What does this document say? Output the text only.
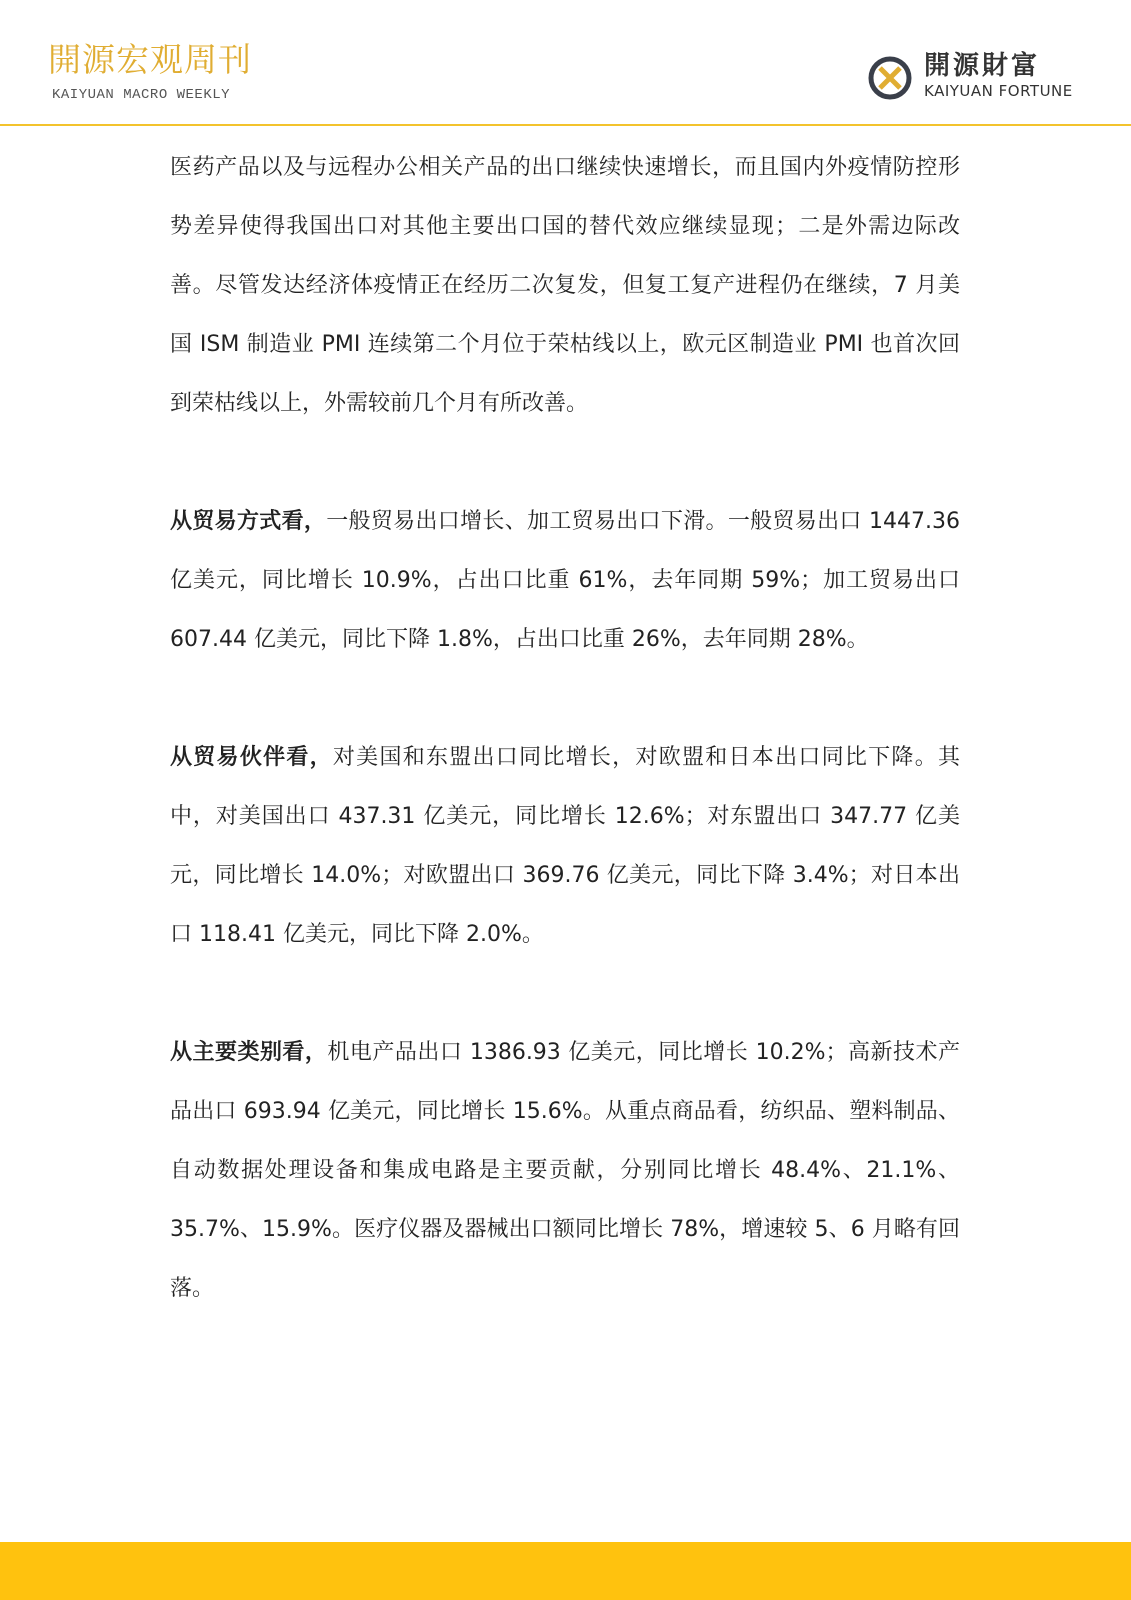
開源宏观周刊
KAIYUAN MACRO WEEKLY
開源財富
KAIYUAN FORTUNE

医药产品以及与远程办公相关产品的出口继续快速增长，而且国内外疫情防控形势差异使得我国出口对其他主要出口国的替代效应继续显现；二是外需边际改善。尽管发达经济体疫情正在经历二次复发，但复工复产进程仍在继续，7 月美国 ISM 制造业 PMI 连续第二个月位于荣枯线以上，欧元区制造业 PMI 也首次回到荣枯线以上，外需较前几个月有所改善。

从贸易方式看，一般贸易出口增长、加工贸易出口下滑。一般贸易出口 1447.36 亿美元，同比增长 10.9%，占出口比重 61%，去年同期 59%；加工贸易出口 607.44 亿美元，同比下降 1.8%，占出口比重 26%，去年同期 28%。

从贸易伙伴看，对美国和东盟出口同比增长，对欧盟和日本出口同比下降。其中，对美国出口 437.31 亿美元，同比增长 12.6%；对东盟出口 347.77 亿美元，同比增长 14.0%；对欧盟出口 369.76 亿美元，同比下降 3.4%；对日本出口 118.41 亿美元，同比下降 2.0%。

从主要类别看，机电产品出口 1386.93 亿美元，同比增长 10.2%；高新技术产品出口 693.94 亿美元，同比增长 15.6%。从重点商品看，纺织品、塑料制品、自动数据处理设备和集成电路是主要贡献，分别同比增长 48.4%、21.1%、35.7%、15.9%。医疗仪器及器械出口额同比增长 78%，增速较 5、6 月略有回落。
